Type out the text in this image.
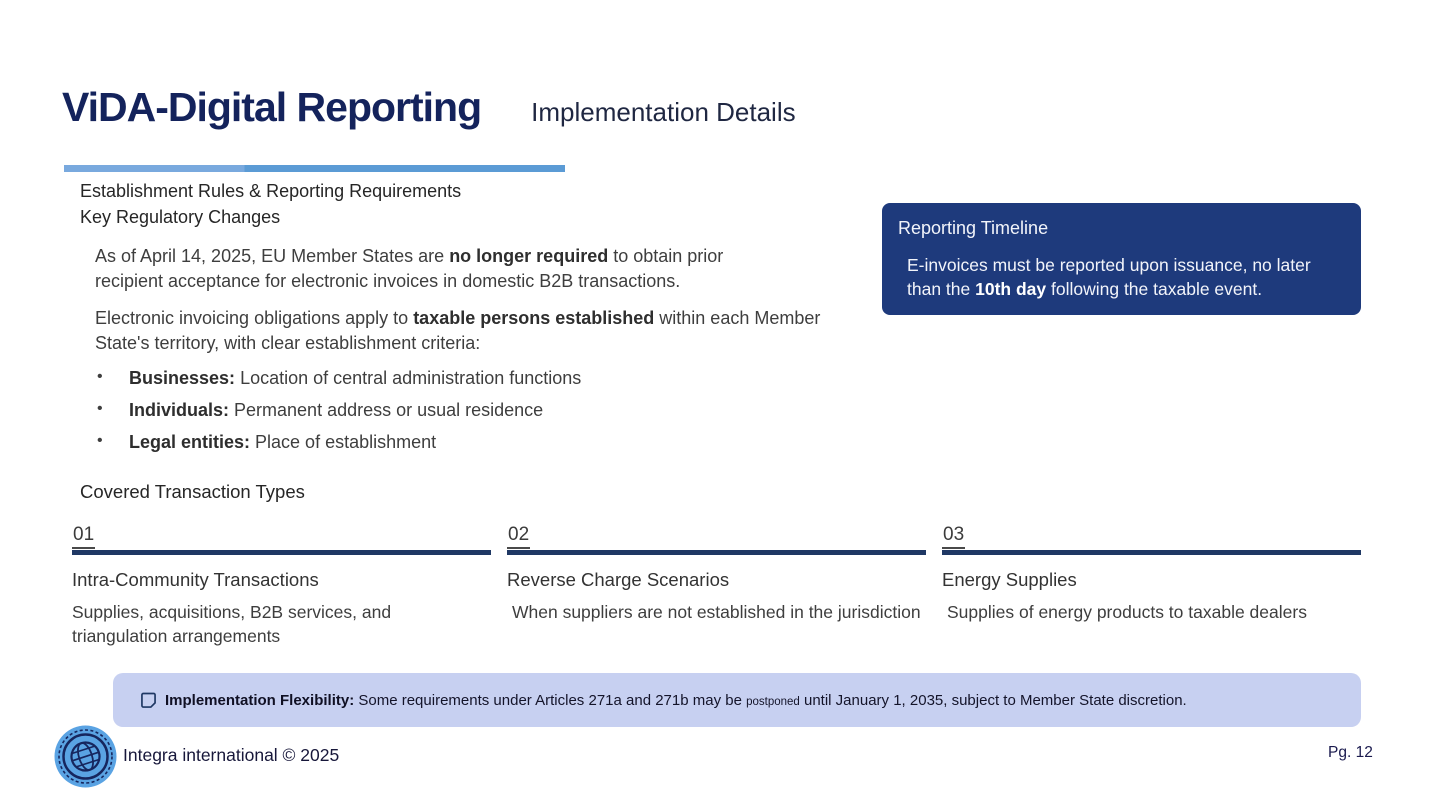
ViDA-Digital Reporting Implementation Details
Establishment Rules & Reporting Requirements
Key Regulatory Changes
As of April 14, 2025, EU Member States are no longer required to obtain prior recipient acceptance for electronic invoices in domestic B2B transactions.
Electronic invoicing obligations apply to taxable persons established within each Member State's territory, with clear establishment criteria:
•	Businesses: Location of central administration functions
•	Individuals: Permanent address or usual residence
•	Legal entities: Place of establishment
Reporting Timeline
E-invoices must be reported upon issuance, no later than the 10th day following the taxable event.
Covered Transaction Types
01
Intra-Community Transactions
Supplies, acquisitions, B2B services, and triangulation arrangements
02
Reverse Charge Scenarios
When suppliers are not established in the jurisdiction
03
Energy Supplies
Supplies of energy products to taxable dealers
Implementation Flexibility: Some requirements under Articles 271a and 271b may be postponed until January 1, 2035, subject to Member State discretion.
Integra international © 2025	Pg. 12
